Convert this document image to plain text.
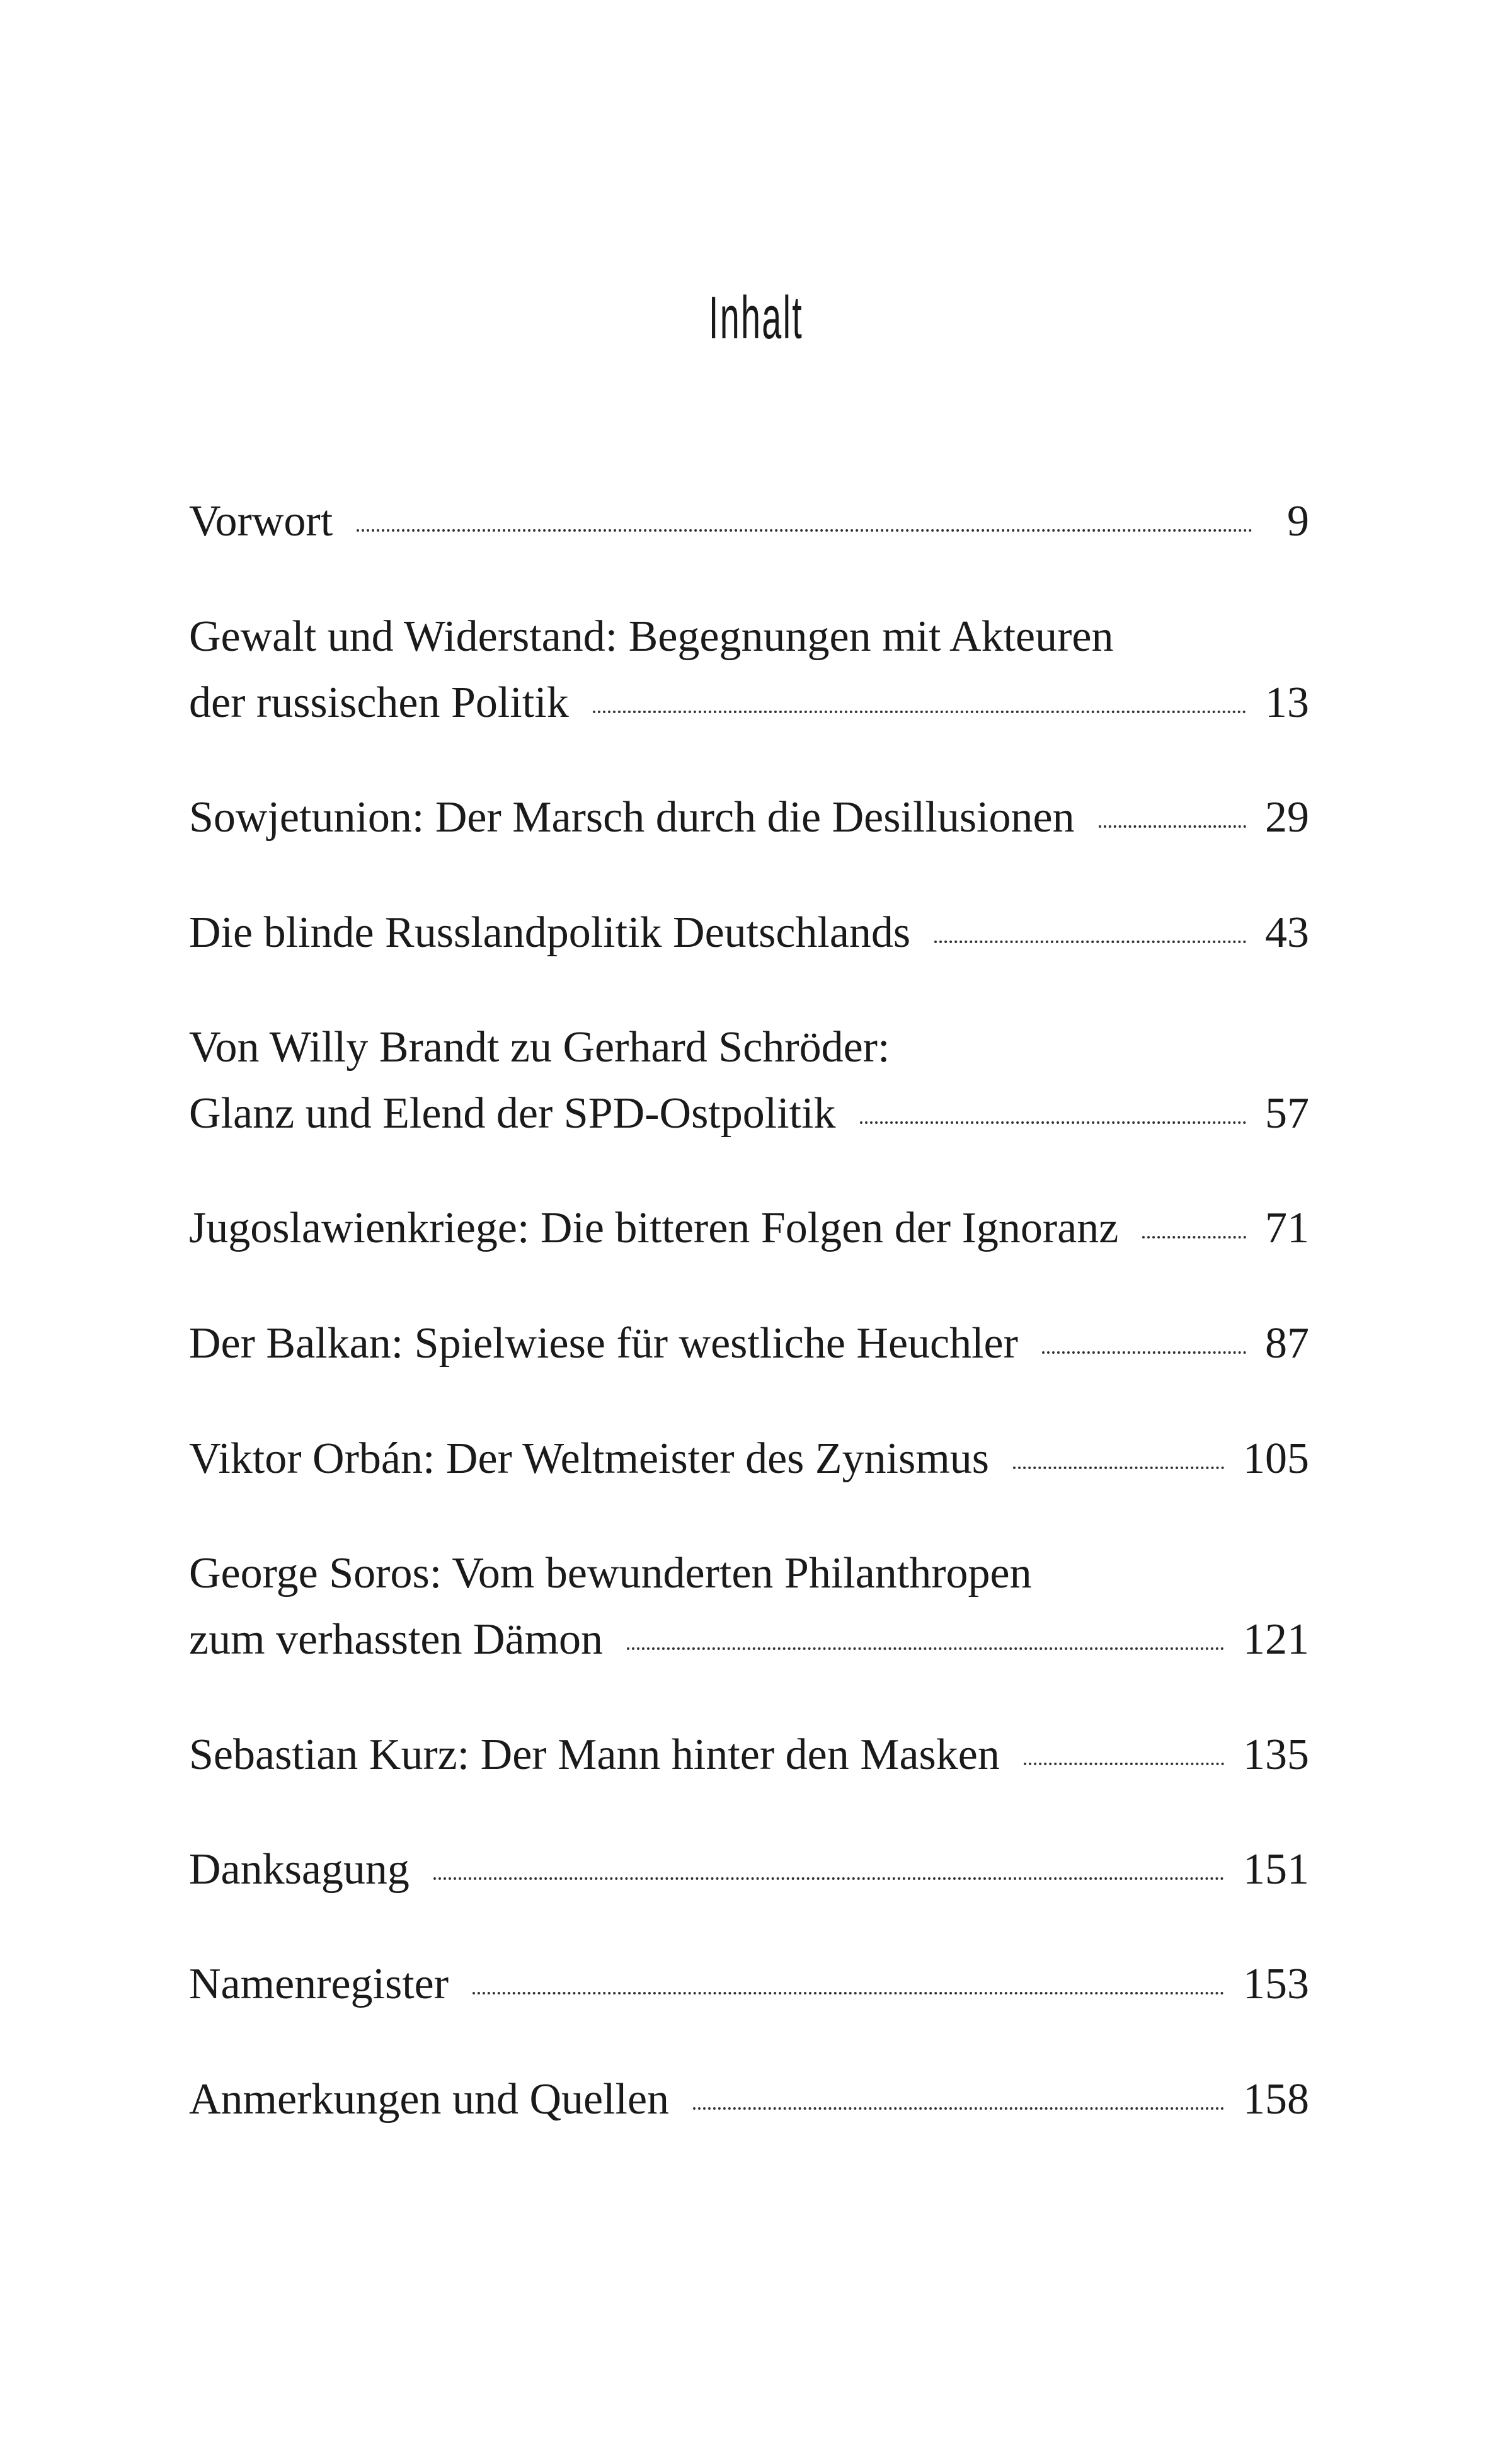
Inhalt
Vorwort	9
Gewalt und Widerstand: Begegnungen mit Akteuren
der russischen Politik	13
Sowjetunion: Der Marsch durch die Desillusionen	29
Die blinde Russlandpolitik Deutschlands	43
Von Willy Brandt zu Gerhard Schröder:
Glanz und Elend der SPD-Ostpolitik	57
Jugoslawienkriege: Die bitteren Folgen der Ignoranz	71
Der Balkan: Spielwiese für westliche Heuchler	87
Viktor Orbán: Der Weltmeister des Zynismus	105
George Soros: Vom bewunderten Philanthropen
zum verhassten Dämon	121
Sebastian Kurz: Der Mann hinter den Masken	135
Danksagung	151
Namenregister	153
Anmerkungen und Quellen	158
